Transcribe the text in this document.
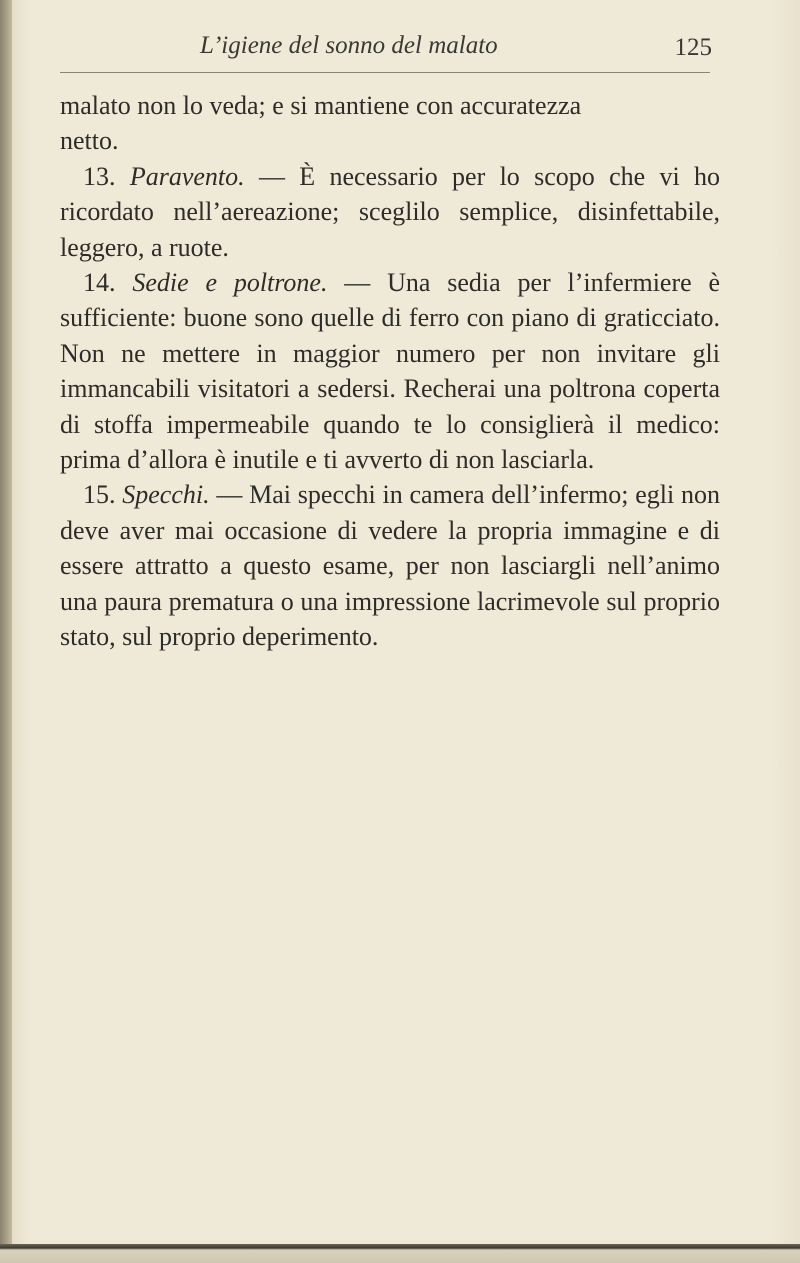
L’igiene del sonno del malato	125

malato non lo veda; e si mantiene con accuratezza
netto.

13. Paravento. — È necessario per lo scopo che vi ho ricordato nell’aereazione; sceglilo semplice, disinfettabile, leggero, a ruote.

14. Sedie e poltrone. — Una sedia per l’infermiere è sufficiente: buone sono quelle di ferro con piano di graticciato. Non ne mettere in maggior numero per non invitare gli immancabili visitatori a sedersi. Recherai una poltrona coperta di stoffa impermeabile quando te lo consiglierà il medico: prima d’allora è inutile e ti avverto di non lasciarla.

15. Specchi. — Mai specchi in camera dell’infermo; egli non deve aver mai occasione di vedere la propria immagine e di essere attratto a questo esame, per non lasciargli nell’animo una paura prematura o una impressione lacrimevole sul proprio stato, sul proprio deperimento.
